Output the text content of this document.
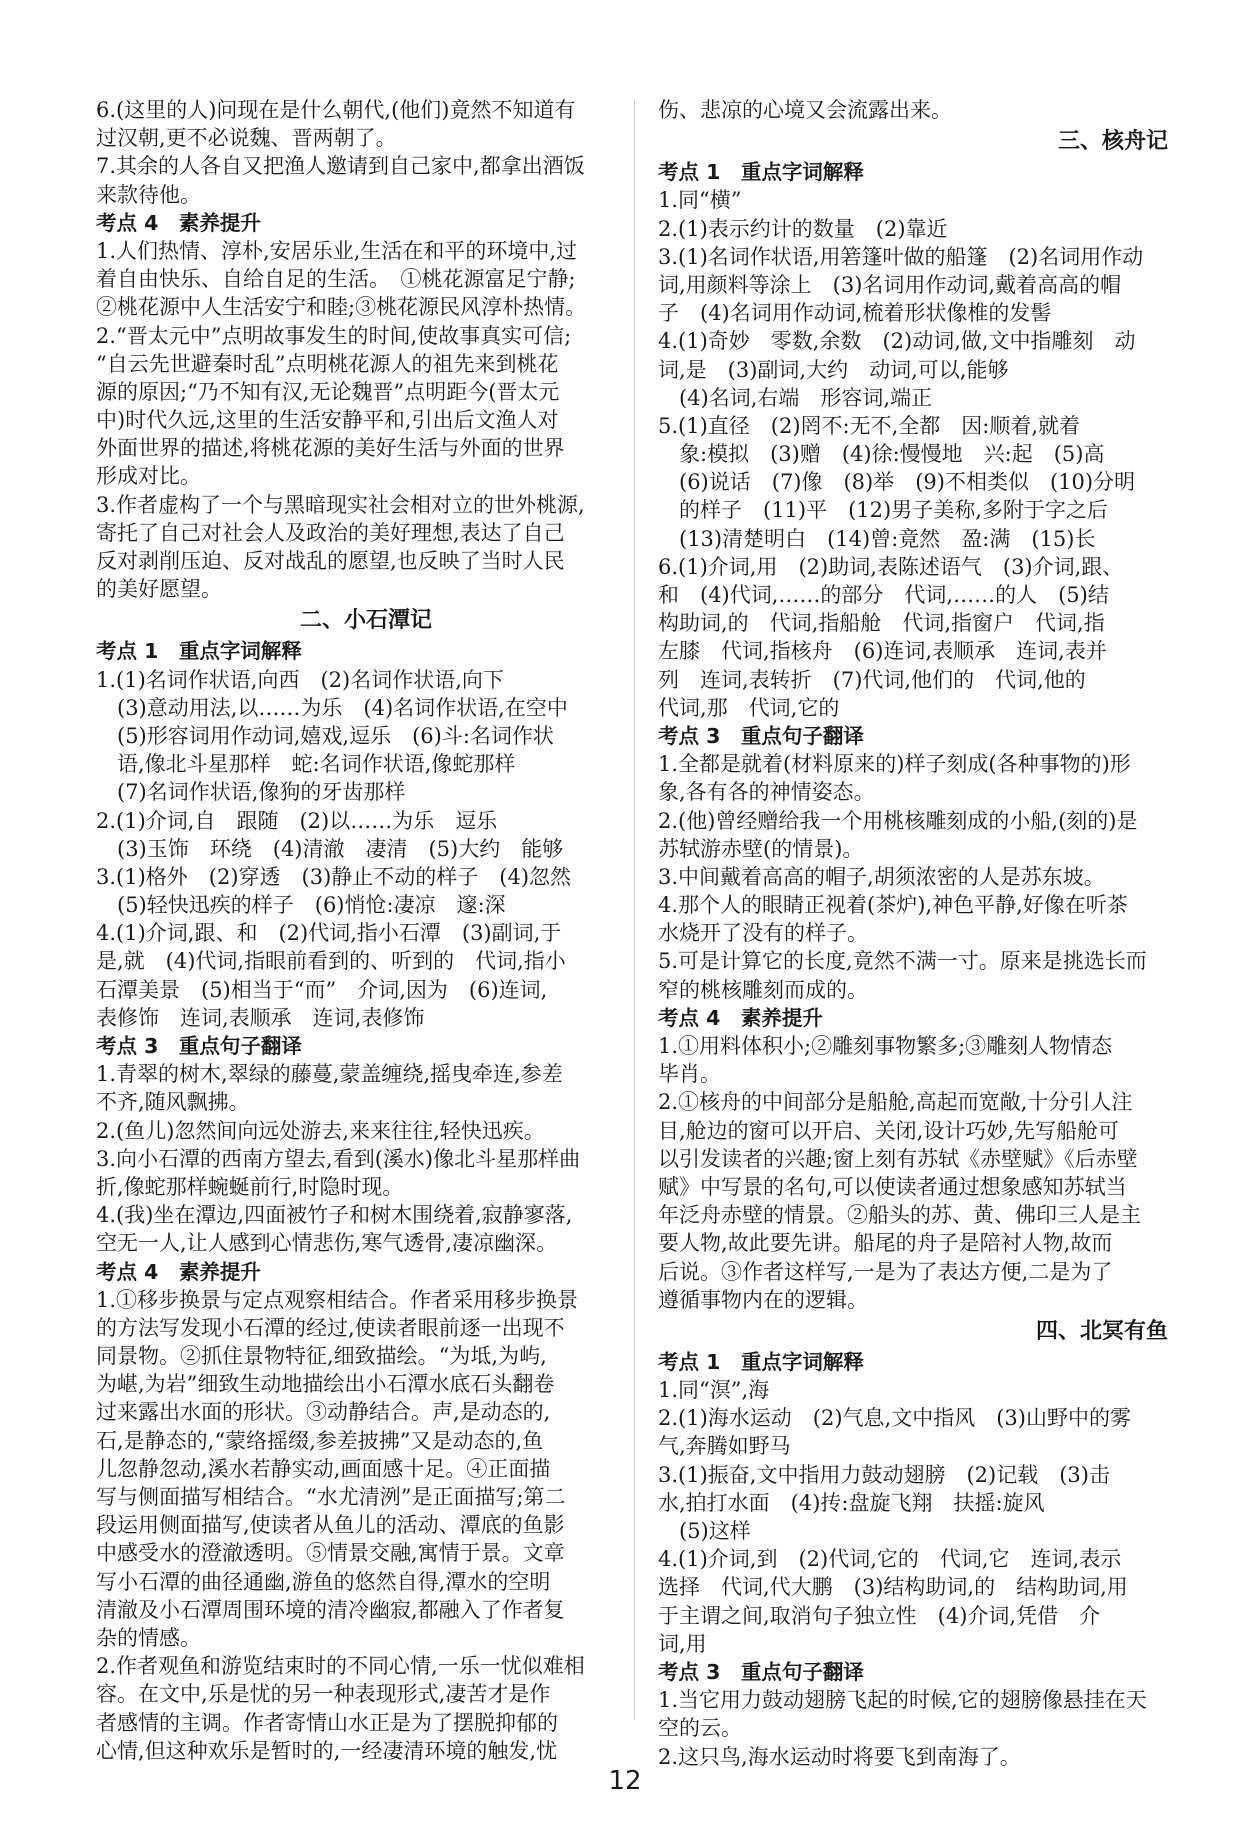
6.(这里的人)问现在是什么朝代,(他们)竟然不知道有
过汉朝,更不必说魏、晋两朝了。
7.其余的人各自又把渔人邀请到自己家中,都拿出酒饭
来款待他。
考点 4　素养提升
1.人们热情、淳朴,安居乐业,生活在和平的环境中,过
着自由快乐、自给自足的生活。　①桃花源富足宁静;
②桃花源中人生活安宁和睦;③桃花源民风淳朴热情。
2.“晋太元中”点明故事发生的时间,使故事真实可信;
“自云先世避秦时乱”点明桃花源人的祖先来到桃花
源的原因;“乃不知有汉,无论魏晋”点明距今(晋太元
中)时代久远,这里的生活安静平和,引出后文渔人对
外面世界的描述,将桃花源的美好生活与外面的世界
形成对比。
3.作者虚构了一个与黑暗现实社会相对立的世外桃源,
寄托了自己对社会人及政治的美好理想,表达了自己
反对剥削压迫、反对战乱的愿望,也反映了当时人民
的美好愿望。
二、小石潭记
考点 1　重点字词解释
1.(1)名词作状语,向西　(2)名词作状语,向下
　(3)意动用法,以……为乐　(4)名词作状语,在空中
　(5)形容词用作动词,嬉戏,逗乐　(6)斗:名词作状
　语,像北斗星那样　蛇:名词作状语,像蛇那样
　(7)名词作状语,像狗的牙齿那样
2.(1)介词,自　跟随　(2)以……为乐　逗乐
　(3)玉饰　环绕　(4)清澈　凄清　(5)大约　能够
3.(1)格外　(2)穿透　(3)静止不动的样子　(4)忽然
　(5)轻快迅疾的样子　(6)悄怆:凄凉　邃:深
4.(1)介词,跟、和　(2)代词,指小石潭　(3)副词,于
是,就　(4)代词,指眼前看到的、听到的　代词,指小
石潭美景　(5)相当于“而”　介词,因为　(6)连词,
表修饰　连词,表顺承　连词,表修饰
考点 3　重点句子翻译
1.青翠的树木,翠绿的藤蔓,蒙盖缠绕,摇曳牵连,参差
不齐,随风飘拂。
2.(鱼儿)忽然间向远处游去,来来往往,轻快迅疾。
3.向小石潭的西南方望去,看到(溪水)像北斗星那样曲
折,像蛇那样蜿蜒前行,时隐时现。
4.(我)坐在潭边,四面被竹子和树木围绕着,寂静寥落,
空无一人,让人感到心情悲伤,寒气透骨,凄凉幽深。
考点 4　素养提升
1.①移步换景与定点观察相结合。作者采用移步换景
的方法写发现小石潭的经过,使读者眼前逐一出现不
同景物。②抓住景物特征,细致描绘。“为坻,为屿,
为嵁,为岩”细致生动地描绘出小石潭水底石头翻卷
过来露出水面的形状。③动静结合。声,是动态的,
石,是静态的,“蒙络摇缀,参差披拂”又是动态的,鱼
儿忽静忽动,溪水若静实动,画面感十足。④正面描
写与侧面描写相结合。“水尤清洌”是正面描写;第二
段运用侧面描写,使读者从鱼儿的活动、潭底的鱼影
中感受水的澄澈透明。⑤情景交融,寓情于景。文章
写小石潭的曲径通幽,游鱼的悠然自得,潭水的空明
清澈及小石潭周围环境的清冷幽寂,都融入了作者复
杂的情感。
2.作者观鱼和游览结束时的不同心情,一乐一忧似难相
容。在文中,乐是忧的另一种表现形式,凄苦才是作
者感情的主调。作者寄情山水正是为了摆脱抑郁的
心情,但这种欢乐是暂时的,一经凄清环境的触发,忧
伤、悲凉的心境又会流露出来。
三、核舟记
考点 1　重点字词解释
1.同“横”
2.(1)表示约计的数量　(2)靠近
3.(1)名词作状语,用箬篷叶做的船篷　(2)名词用作动
词,用颜料等涂上　(3)名词用作动词,戴着高高的帽
子　(4)名词用作动词,梳着形状像椎的发髻
4.(1)奇妙　零数,余数　(2)动词,做,文中指雕刻　动
词,是　(3)副词,大约　动词,可以,能够
　(4)名词,右端　形容词,端正
5.(1)直径　(2)罔不:无不,全都　因:顺着,就着
　象:模拟　(3)赠　(4)徐:慢慢地　兴:起　(5)高
　(6)说话　(7)像　(8)举　(9)不相类似　(10)分明
　的样子　(11)平　(12)男子美称,多附于字之后
　(13)清楚明白　(14)曾:竟然　盈:满　(15)长
6.(1)介词,用　(2)助词,表陈述语气　(3)介词,跟、
和　(4)代词,……的部分　代词,……的人　(5)结
构助词,的　代词,指船舱　代词,指窗户　代词,指
左膝　代词,指核舟　(6)连词,表顺承　连词,表并
列　连词,表转折　(7)代词,他们的　代词,他的
代词,那　代词,它的
考点 3　重点句子翻译
1.全都是就着(材料原来的)样子刻成(各种事物的)形
象,各有各的神情姿态。
2.(他)曾经赠给我一个用桃核雕刻成的小船,(刻的)是
苏轼游赤壁(的情景)。
3.中间戴着高高的帽子,胡须浓密的人是苏东坡。
4.那个人的眼睛正视着(茶炉),神色平静,好像在听茶
水烧开了没有的样子。
5.可是计算它的长度,竟然不满一寸。原来是挑选长而
窄的桃核雕刻而成的。
考点 4　素养提升
1.①用料体积小;②雕刻事物繁多;③雕刻人物情态
毕肖。
2.①核舟的中间部分是船舱,高起而宽敞,十分引人注
目,舱边的窗可以开启、关闭,设计巧妙,先写船舱可
以引发读者的兴趣;窗上刻有苏轼《赤壁赋》《后赤壁
赋》中写景的名句,可以使读者通过想象感知苏轼当
年泛舟赤壁的情景。②船头的苏、黄、佛印三人是主
要人物,故此要先讲。船尾的舟子是陪衬人物,故而
后说。③作者这样写,一是为了表达方便,二是为了
遵循事物内在的逻辑。
四、北冥有鱼
考点 1　重点字词解释
1.同“溟”,海
2.(1)海水运动　(2)气息,文中指风　(3)山野中的雾
气,奔腾如野马
3.(1)振奋,文中指用力鼓动翅膀　(2)记载　(3)击
水,拍打水面　(4)抟:盘旋飞翔　扶摇:旋风
　(5)这样
4.(1)介词,到　(2)代词,它的　代词,它　连词,表示
选择　代词,代大鹏　(3)结构助词,的　结构助词,用
于主谓之间,取消句子独立性　(4)介词,凭借　介
词,用
考点 3　重点句子翻译
1.当它用力鼓动翅膀飞起的时候,它的翅膀像悬挂在天
空的云。
2.这只鸟,海水运动时将要飞到南海了。
12
